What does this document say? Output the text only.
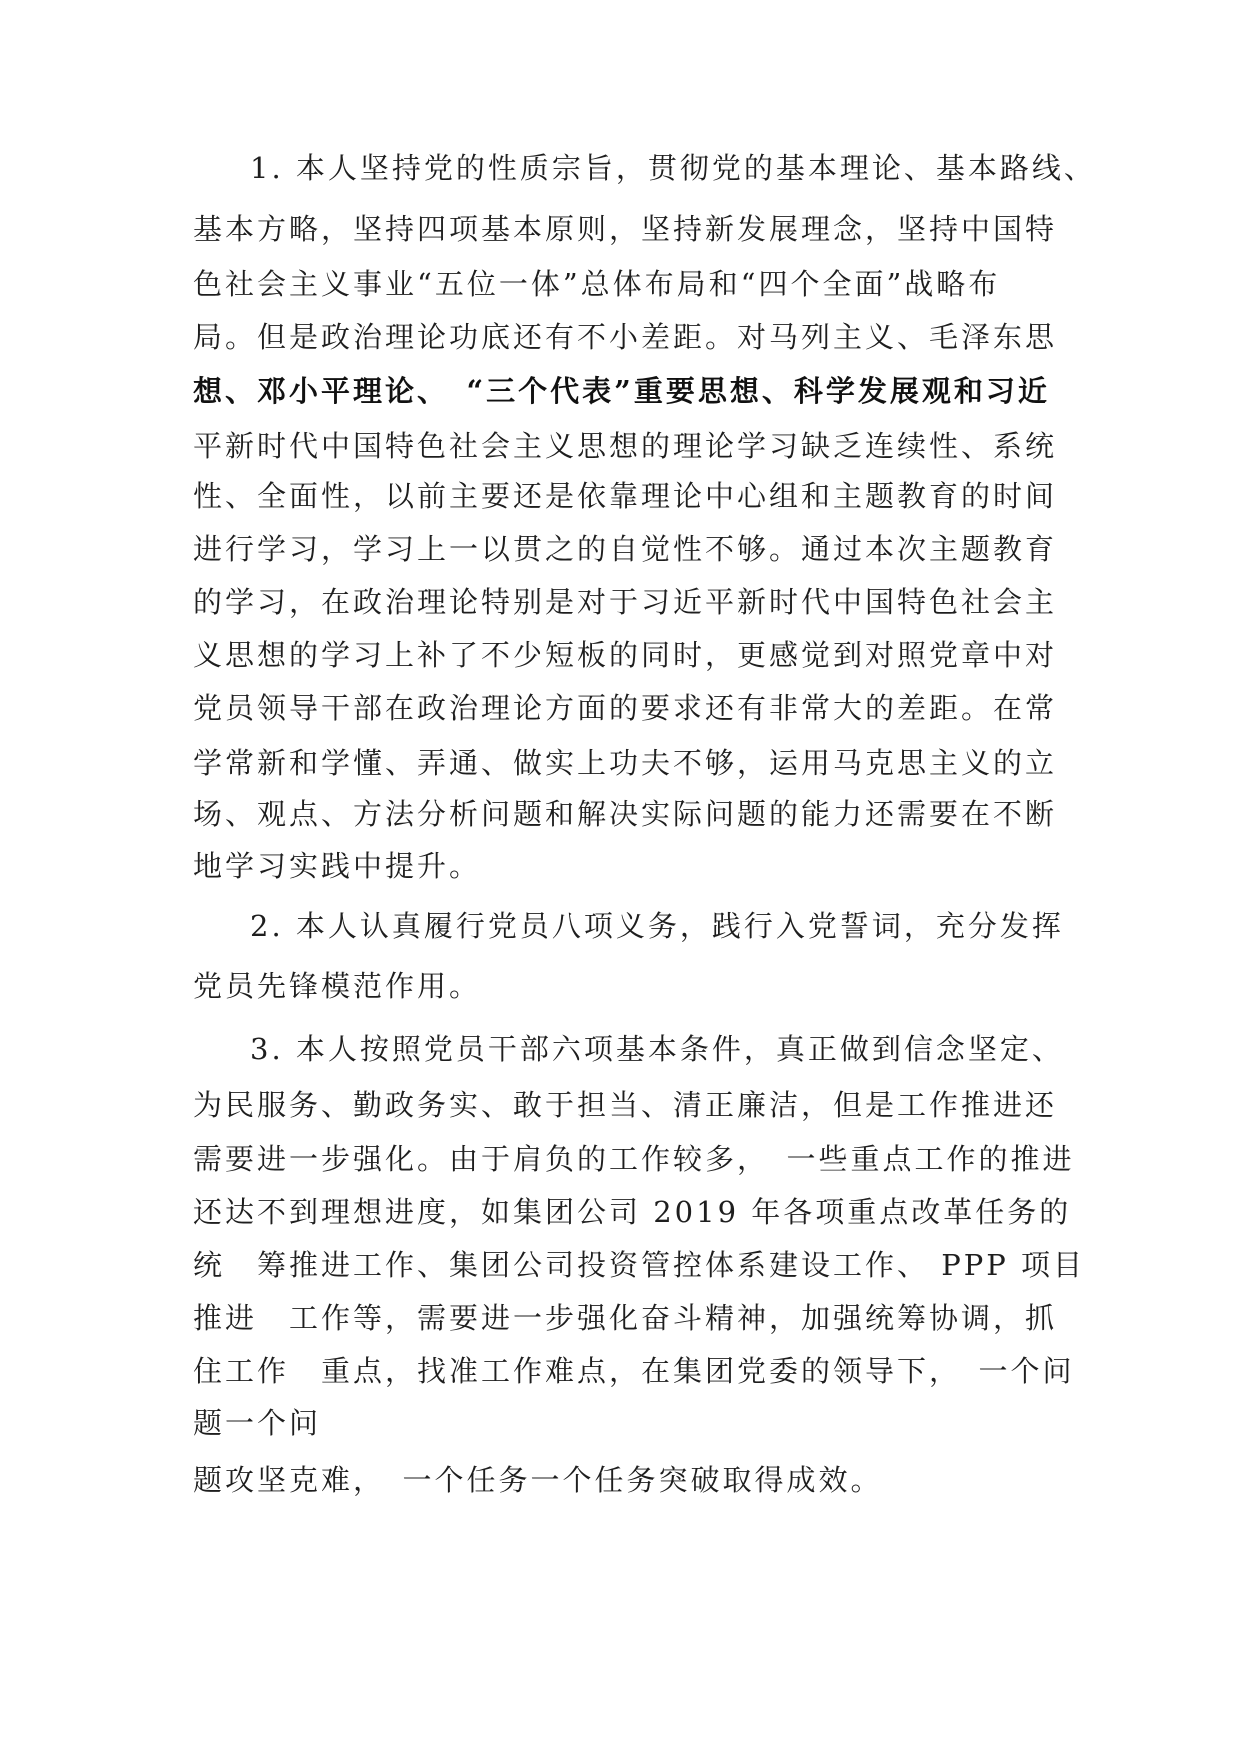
1. 本人坚持党的性质宗旨，贯彻党的基本理论、基本路线、
基本方略，坚持四项基本原则，坚持新发展理念，坚持中国特
色社会主义事业“五位一体”总体布局和“四个全面”战略布
局。但是政治理论功底还有不小差距。对马列主义、毛泽东思
想、邓小平理论、　“三个代表”重要思想、科学发展观和习近
平新时代中国特色社会主义思想的理论学习缺乏连续性、系统
性、全面性，以前主要还是依靠理论中心组和主题教育的时间
进行学习，学习上一以贯之的自觉性不够。通过本次主题教育
的学习，在政治理论特别是对于习近平新时代中国特色社会主
义思想的学习上补了不少短板的同时，更感觉到对照党章中对
党员领导干部在政治理论方面的要求还有非常大的差距。在常
学常新和学懂、弄通、做实上功夫不够，运用马克思主义的立
场、观点、方法分析问题和解决实际问题的能力还需要在不断
地学习实践中提升。
2. 本人认真履行党员八项义务，践行入党誓词，充分发挥
党员先锋模范作用。
3. 本人按照党员干部六项基本条件，真正做到信念坚定、
为民服务、勤政务实、敢于担当、清正廉洁，但是工作推进还
需要进一步强化。由于肩负的工作较多，　一些重点工作的推进
还达不到理想进度，如集团公司 2019 年各项重点改革任务的
统　筹推进工作、集团公司投资管控体系建设工作、 PPP 项目
推进　工作等，需要进一步强化奋斗精神，加强统筹协调，抓
住工作　重点，找准工作难点，在集团党委的领导下，　一个问
题一个问
题攻坚克难，　一个任务一个任务突破取得成效。
